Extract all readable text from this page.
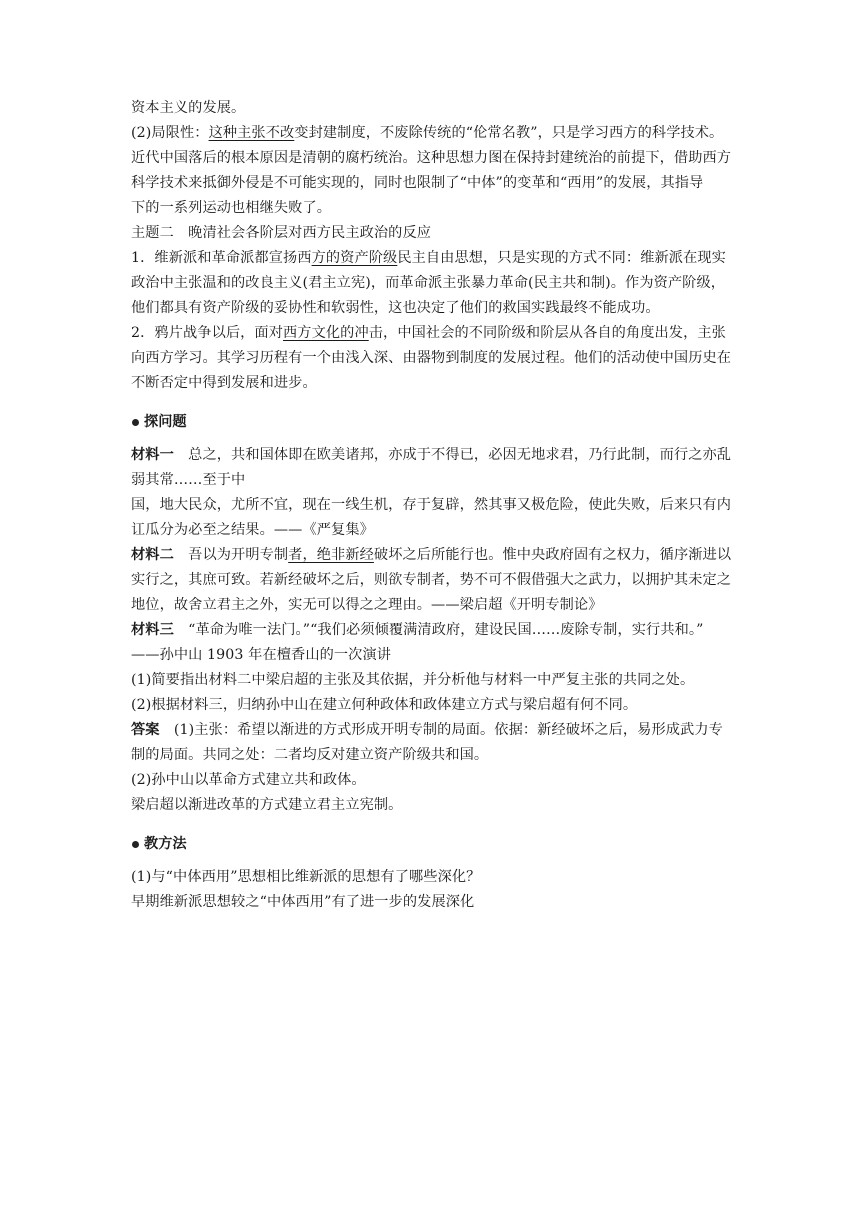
资本主义的发展。
(2)局限性：这种主张不改变封建制度，不废除传统的“伦常名教”，只是学习西方的科学技术。
近代中国落后的根本原因是清朝的腐朽统治。这种思想力图在保持封建统治的前提下，借助西方
科学技术来抵御外侵是不可能实现的，同时也限制了“中体”的变革和“西用”的发展，其指导
下的一系列运动也相继失败了。
主题二　晚清社会各阶层对西方民主政治的反应
1．维新派和革命派都宣扬西方的资产阶级民主自由思想，只是实现的方式不同：维新派在现实
政治中主张温和的改良主义(君主立宪)，而革命派主张暴力革命(民主共和制)。作为资产阶级，
他们都具有资产阶级的妥协性和软弱性，这也决定了他们的救国实践最终不能成功。
2．鸦片战争以后，面对西方文化的冲击，中国社会的不同阶级和阶层从各自的角度出发，主张
向西方学习。其学习历程有一个由浅入深、由器物到制度的发展过程。他们的活动使中国历史在
不断否定中得到发展和进步。
探问题
材料一　总之，共和国体即在欧美诸邦，亦成于不得已，必因无地求君，乃行此制，而行之亦乱
弱其常……至于中
国，地大民众，尤所不宜，现在一线生机，存于复辟，然其事又极危险，使此失败，后来只有内
讧瓜分为必至之结果。——《严复集》
材料二　吾以为开明专制者，绝非新经破坏之后所能行也。惟中央政府固有之权力，循序渐进以
实行之，其庶可致。若新经破坏之后，则欲专制者，势不可不假借强大之武力，以拥护其未定之
地位，故舍立君主之外，实无可以得之之理由。——梁启超《开明专制论》
材料三　“革命为唯一法门。”“我们必须倾覆满清政府，建设民国……废除专制，实行共和。”
——孙中山 1903 年在檀香山的一次演讲
(1)简要指出材料二中梁启超的主张及其依据，并分析他与材料一中严复主张的共同之处。
(2)根据材料三，归纳孙中山在建立何种政体和政体建立方式与梁启超有何不同。
答案　(1)主张：希望以渐进的方式形成开明专制的局面。依据：新经破坏之后，易形成武力专
制的局面。共同之处：二者均反对建立资产阶级共和国。
(2)孙中山以革命方式建立共和政体。
梁启超以渐进改革的方式建立君主立宪制。
教方法
(1)与“中体西用”思想相比维新派的思想有了哪些深化？
早期维新派思想较之“中体西用”有了进一步的发展深化
